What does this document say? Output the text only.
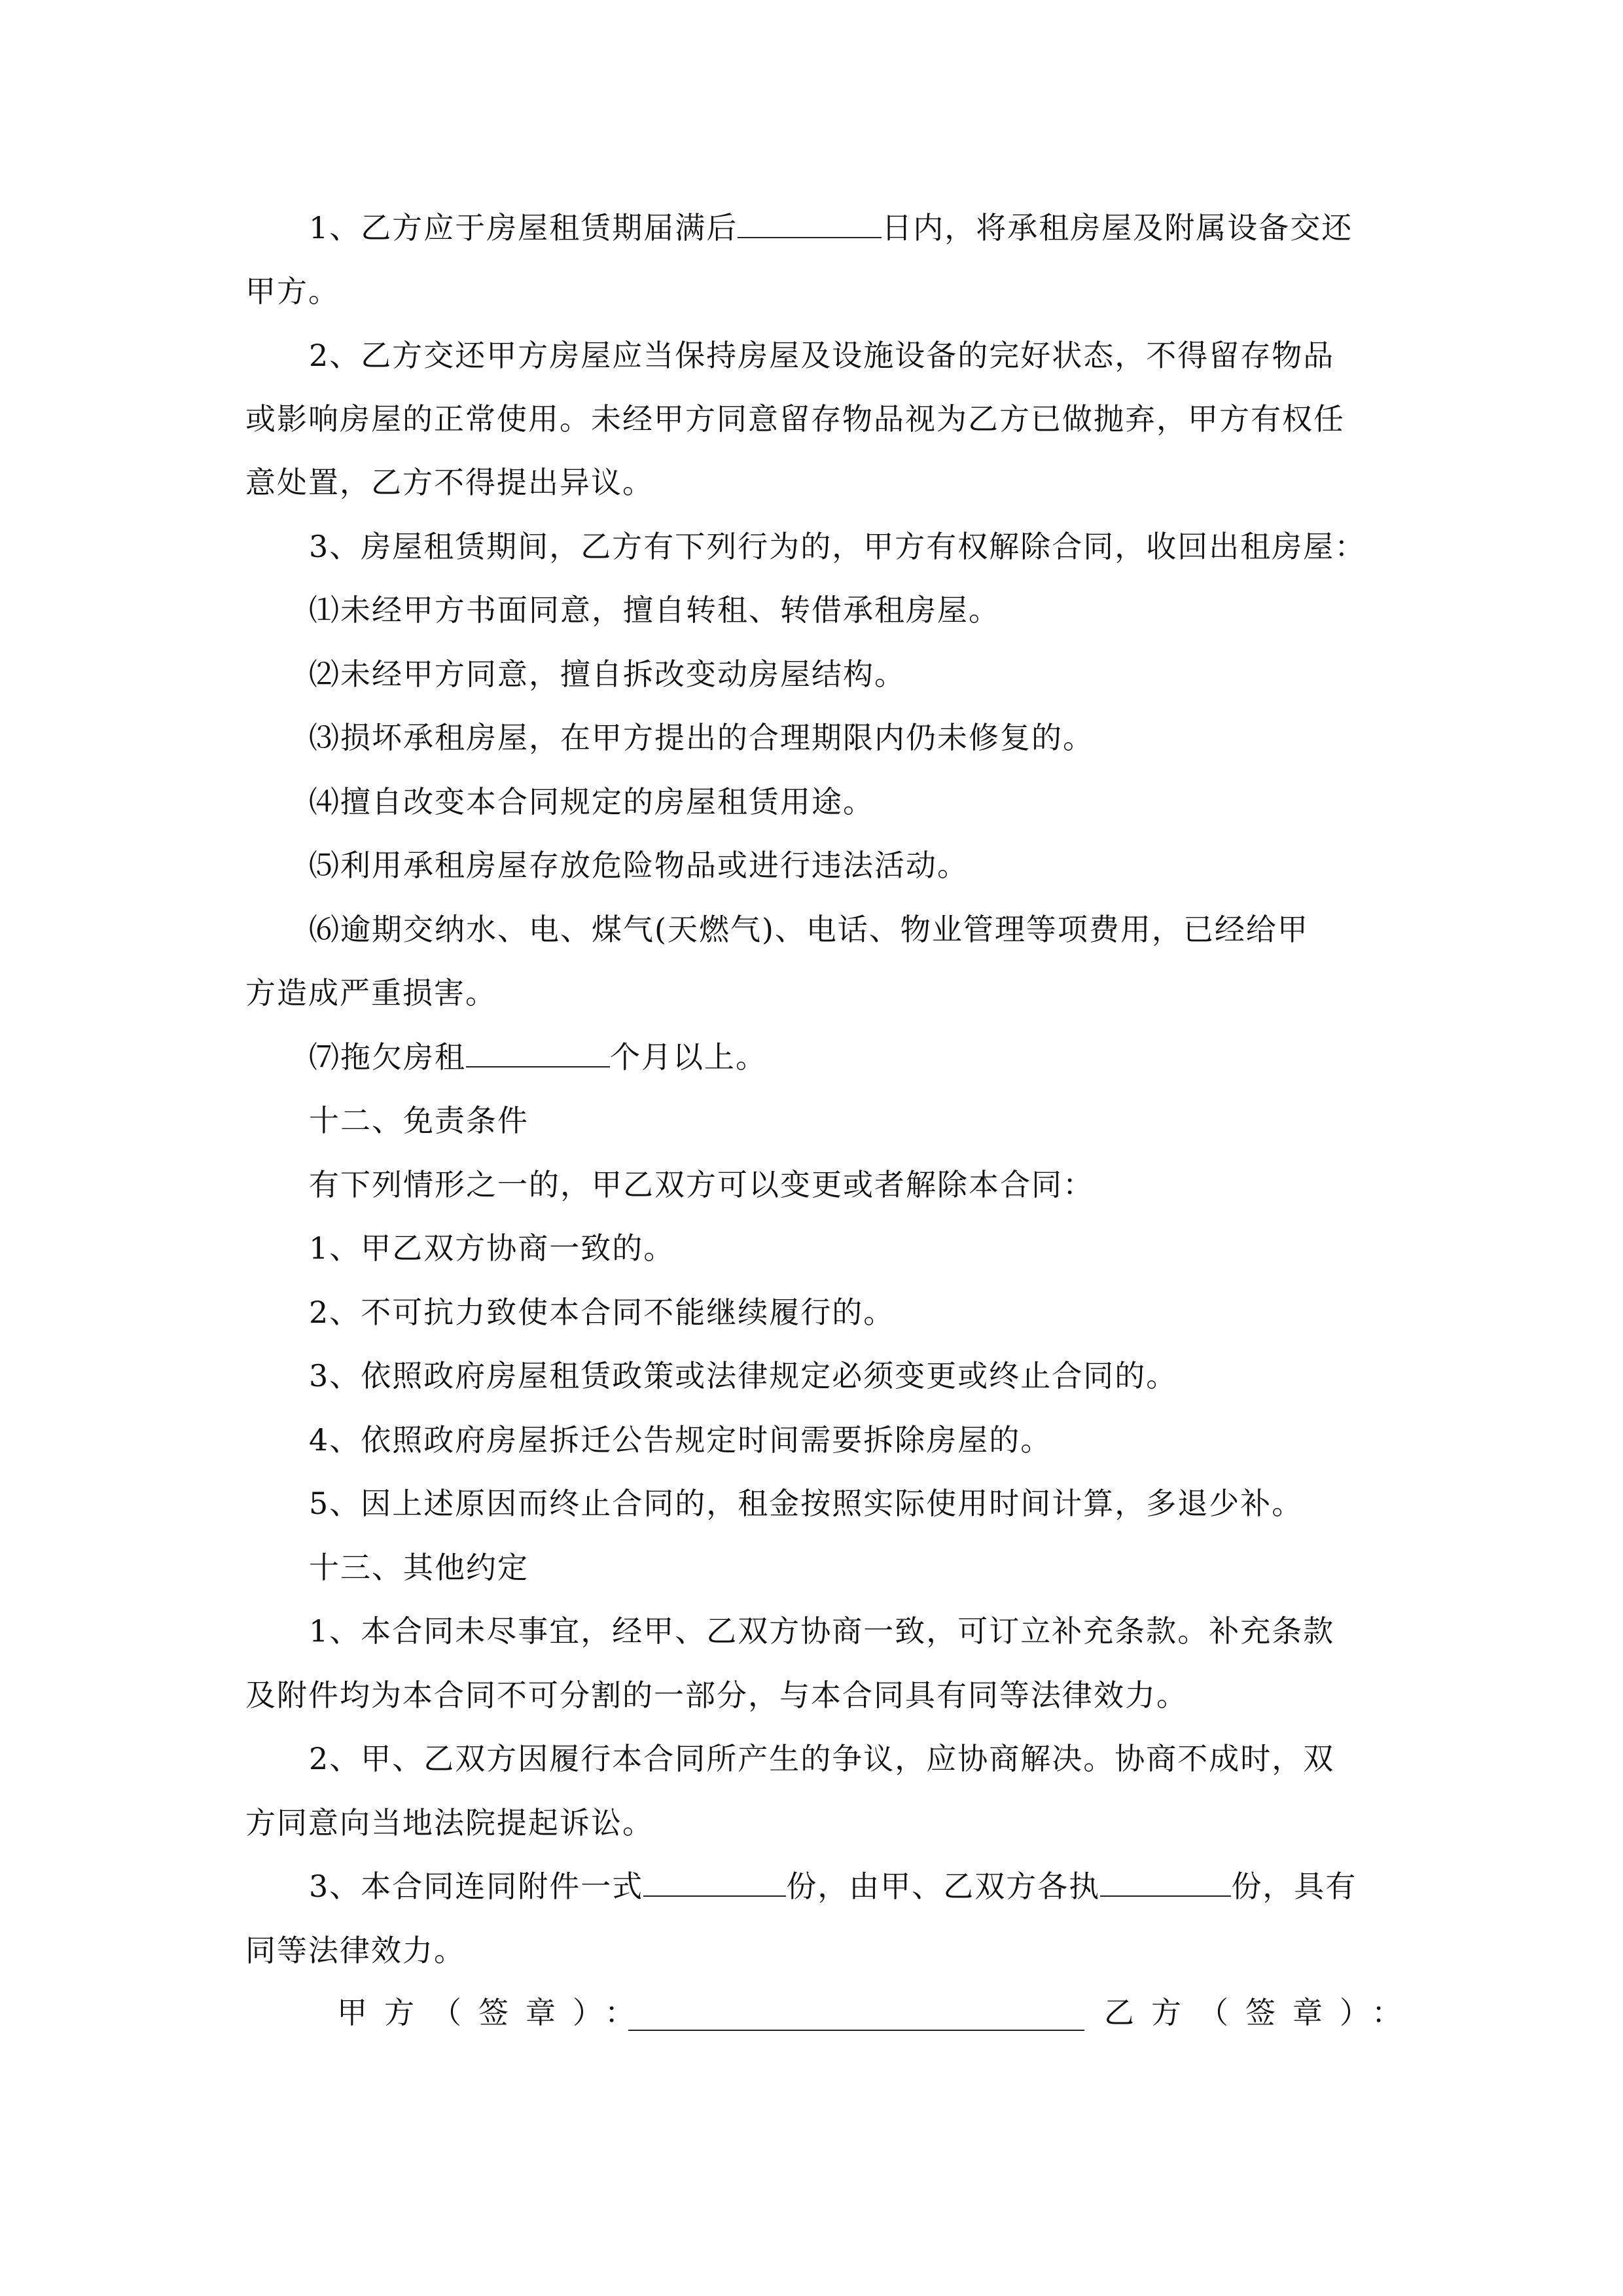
1、乙方应于房屋租赁期届满后	日内，将承租房屋及附属设备交还
甲方。
2、乙方交还甲方房屋应当保持房屋及设施设备的完好状态，不得留存物品
或影响房屋的正常使用。未经甲方同意留存物品视为乙方已做抛弃，甲方有权任
意处置，乙方不得提出异议。
3、房屋租赁期间，乙方有下列行为的，甲方有权解除合同，收回出租房屋：
⑴未经甲方书面同意，擅自转租、转借承租房屋。
⑵未经甲方同意，擅自拆改变动房屋结构。
⑶损坏承租房屋，在甲方提出的合理期限内仍未修复的。
⑷擅自改变本合同规定的房屋租赁用途。
⑸利用承租房屋存放危险物品或进行违法活动。
⑹逾期交纳水、电、煤气(天燃气)、电话、物业管理等项费用，已经给甲
方造成严重损害。
⑺拖欠房租	个月以上。
十二、免责条件
有下列情形之一的，甲乙双方可以变更或者解除本合同：
1、甲乙双方协商一致的。
2、不可抗力致使本合同不能继续履行的。
3、依照政府房屋租赁政策或法律规定必须变更或终止合同的。
4、依照政府房屋拆迁公告规定时间需要拆除房屋的。
5、因上述原因而终止合同的，租金按照实际使用时间计算，多退少补。
十三、其他约定
1、本合同未尽事宜，经甲、乙双方协商一致，可订立补充条款。补充条款
及附件均为本合同不可分割的一部分，与本合同具有同等法律效力。
2、甲、乙双方因履行本合同所产生的争议，应协商解决。协商不成时，双
方同意向当地法院提起诉讼。
3、本合同连同附件一式	份，由甲、乙双方各执	份，具有
同等法律效力。
甲方（签章）：	乙方（签章）：
